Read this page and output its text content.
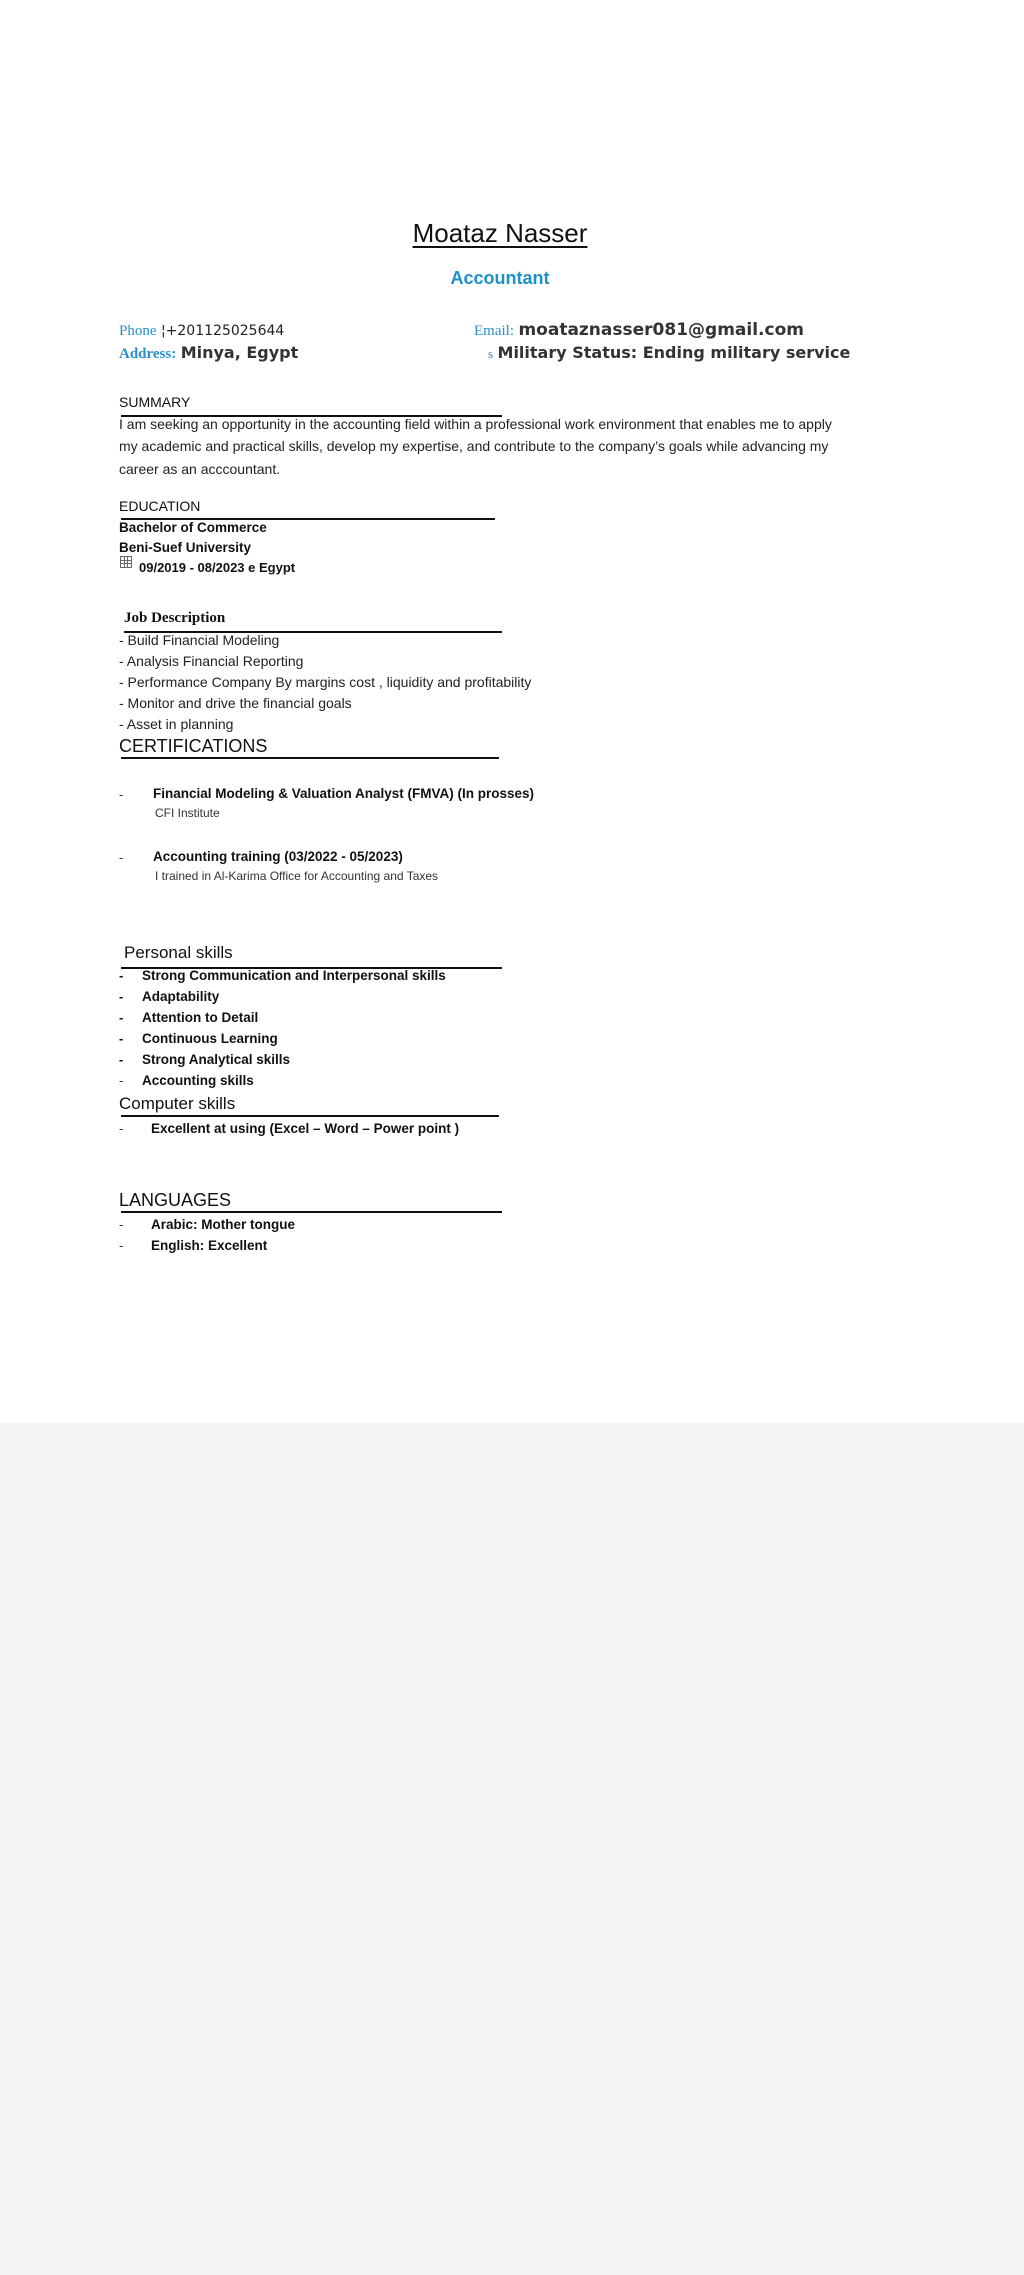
Moataz Nasser
Accountant
Phone ¦+201125025644	Email: moataznasser081@gmail.com
Address: Minya, Egypt	s Military Status: Ending military service
SUMMARY
I am seeking an opportunity in the accounting field within a professional work environment that enables me to apply
my academic and practical skills, develop my expertise, and contribute to the company’s goals while advancing my
career as an acccountant.
EDUCATION
Bachelor of Commerce
Beni-Suef University
09/2019 - 08/2023 e Egypt
Job Description
- Build Financial Modeling
- Analysis Financial Reporting
- Performance Company By margins cost , liquidity and profitability
- Monitor and drive the financial goals
- Asset in planning
CERTIFICATIONS
- Financial Modeling & Valuation Analyst (FMVA) (In prosses)
CFI Institute
- Accounting training (03/2022 - 05/2023)
I trained in Al-Karima Office for Accounting and Taxes
Personal skills
- Strong Communication and Interpersonal skills
- Adaptability
- Attention to Detail
- Continuous Learning
- Strong Analytical skills
- Accounting skills
Computer skills
- Excellent at using (Excel – Word – Power point )
LANGUAGES
- Arabic: Mother tongue
- English: Excellent
